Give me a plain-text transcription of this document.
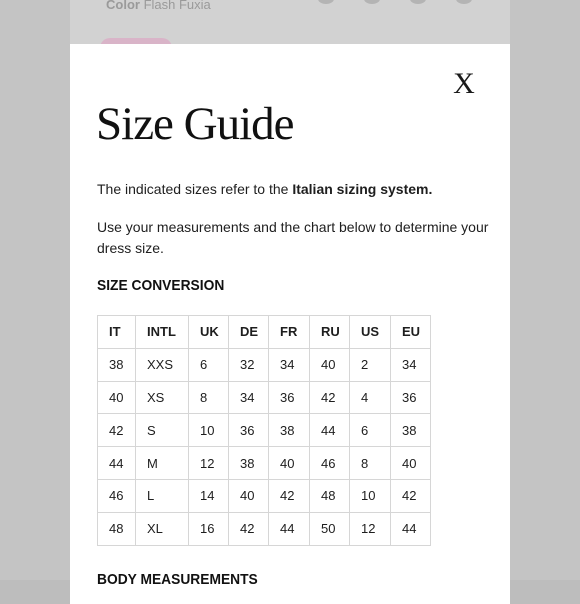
Color Flash Fuxia
X
Size Guide
The indicated sizes refer to the Italian sizing system.
Use your measurements and the chart below to determine your dress size.
SIZE CONVERSION
IT	INTL	UK	DE	FR	RU	US	EU
38	XXS	6	32	34	40	2	34
40	XS	8	34	36	42	4	36
42	S	10	36	38	44	6	38
44	M	12	38	40	46	8	40
46	L	14	40	42	48	10	42
48	XL	16	42	44	50	12	44
BODY MEASUREMENTS
